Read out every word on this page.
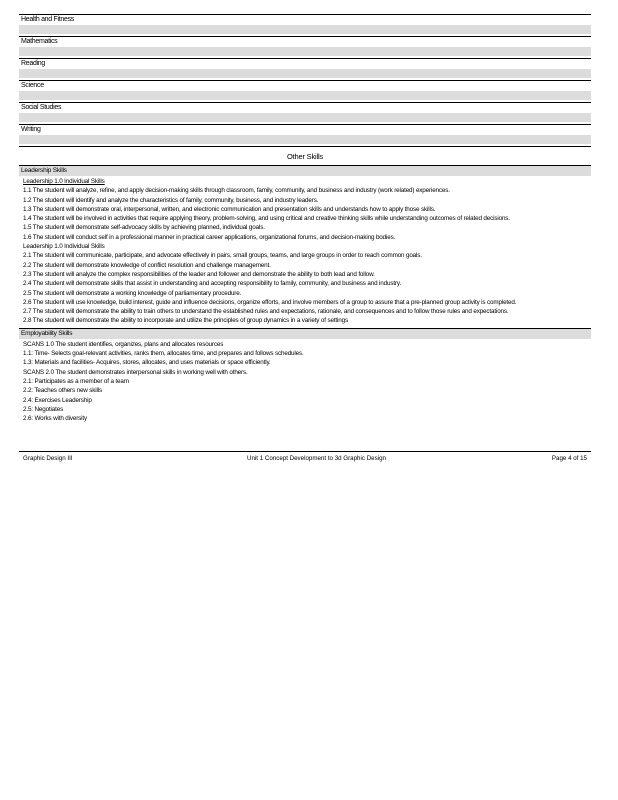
Health and Fitness
Mathematics
Reading
Science
Social Studies
Writing
Other Skills
Leadership Skills
Leadership 1.0 Individual Skills
1.1 The student will analyze, refine, and apply decision-making skills through classroom, family, community, and business and industry (work related) experiences.
1.2 The student will identify and analyze the characteristics of family, community, business, and industry leaders.
1.3 The student will demonstrate oral, interpersonal, written, and electronic communication and presentation skills and understands how to apply those skills.
1.4 The student will be involved in activities that require applying theory, problem-solving, and using critical and creative thinking skills while understanding outcomes of related decisions.
1.5 The student will demonstrate self-advocacy skills by achieving planned, individual goals.
1.6 The student will conduct self in a professional manner in practical career applications, organizational forums, and decision-making bodies.
Leadership 1.0 Individual Skills
2.1 The student will communicate, participate, and advocate effectively in pairs, small groups, teams, and large groups in order to reach common goals.
2.2 The student will demonstrate knowledge of conflict resolution and challenge management.
2.3 The student will analyze the complex responsibilities of the leader and follower and demonstrate the ability to both lead and follow.
2.4 The student will demonstrate skills that assist in understanding and accepting responsibility to family, community, and business and industry.
2.5 The student will demonstrate a working knowledge of parliamentary procedure.
2.6 The student will use knowledge, build interest, guide and influence decisions, organize efforts, and involve members of a group to assure that a pre-planned group activity is completed.
2.7 The student will demonstrate the ability to train others to understand the established rules and expectations, rationale, and consequences and to follow those rules and expectations.
2.8 The student will demonstrate the ability to incorporate and utilize the principles of group dynamics in a variety of settings
Employability Skills
SCANS 1.0 The student identifies, organizes, plans and allocates resources
1.1: Time- Selects goal-relevant activities, ranks them, allocates time, and prepares and follows schedules.
1.3: Materials and facilities- Acquires, stores, allocates, and uses materials or space efficiently.
SCANS 2.0 The student demonstrates interpersonal skills in working well with others.
2.1: Participates as a member of a team
2.2: Teaches others new skills
2.4: Exercises Leadership
2.5: Negotiates
2.6: Works with diversity
Graphic Design III	Unit 1 Concept Development to 3d Graphic Design	Page 4 of 15
